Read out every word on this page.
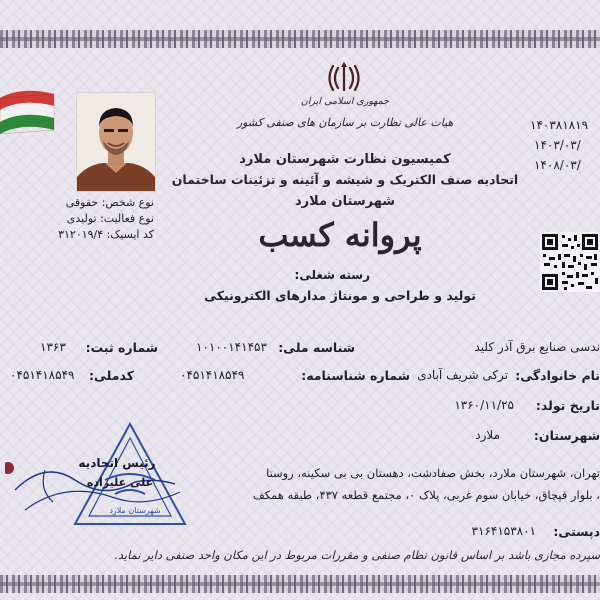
جمهوری اسلامی ایران
هیات عالی نظارت بر سازمان های صنفی کشور
کمیسیون نظارت شهرستان ملارد
اتحادیه صنف الکتریک و شیشه و آئینه و تزئینات ساختمان
شهرستان ملارد
پروانه کسب
۱۴۰۳۸۱۸۱۹
۱۴۰۳/۰۳/
۱۴۰۸/۰۳/
نوع شخص: حقوقی
نوع فعالیت: تولیدی
کد ایسیک: ۳۱۲۰۱۹/۴
رسته شغلی:
تولید و طراحی و مونتاژ مدارهای الکترونیکی
ندسی صنایع برق آذر کلید
شناسه ملی:
۱۰۱۰۰۱۴۱۴۵۳
شماره ثبت:
۱۳۶۳
نام خانوادگی:
ترکی شریف آبادی
شماره شناسنامه:
۰۴۵۱۴۱۸۵۴۹
کدملی:
۰۴۵۱۴۱۸۵۴۹
تاریخ تولد:
۱۳۶۰/۱۱/۲۵
شهرستان:
ملارد
تهران، شهرستان ملارد، بخش صفادشت، دهستان بی بی سکینه، روستا
، بلوار قپچاق، خیابان سوم غربی، پلاک ۰، مجتمع قطعه ۴۳۷، طبقه همکف
دپستی:
۳۱۶۴۱۵۳۸۰۱
سپرده مجازی باشد بر اساس قانون نظام صنفی و مقررات مربوط در این مکان واحد صنفی دایر نماید.
رئیس اتحادیه
علی علیزاده
شهرستان ملارد
